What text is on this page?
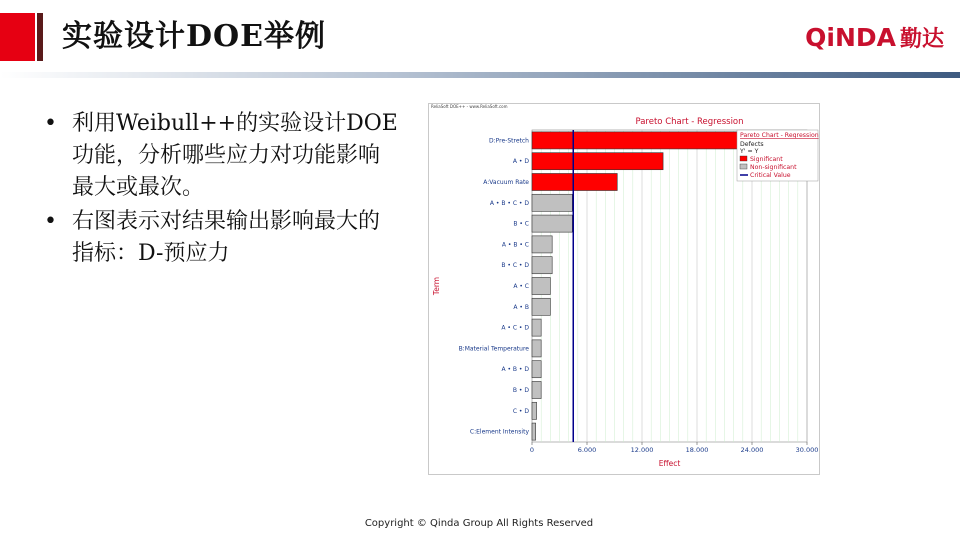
实验设计DOE举例	QiNDA 勤达
• 利用Weibull++的实验设计DOE功能，分析哪些应力对功能影响最大或最次。
• 右图表示对结果输出影响最大的指标：D-预应力
ReliaSoft DOE++ - www.ReliaSoft.com
Pareto Chart - Regression
D:Pre-Stretch
A • D
A:Vacuum Rate
A • B • C • D
B • C
A • B • C
B • C • D
A • C
A • B
A • C • D
B:Material Temperature
A • B • D
B • D
C • D
C:Element Intensity
0	6.000	12.000	18.000	24.000	30.000
Effect
Term
Pareto Chart - Regression
Defects
Y' = Y
Significant
Non-significant
Critical Value
Copyright © Qinda Group All Rights Reserved
